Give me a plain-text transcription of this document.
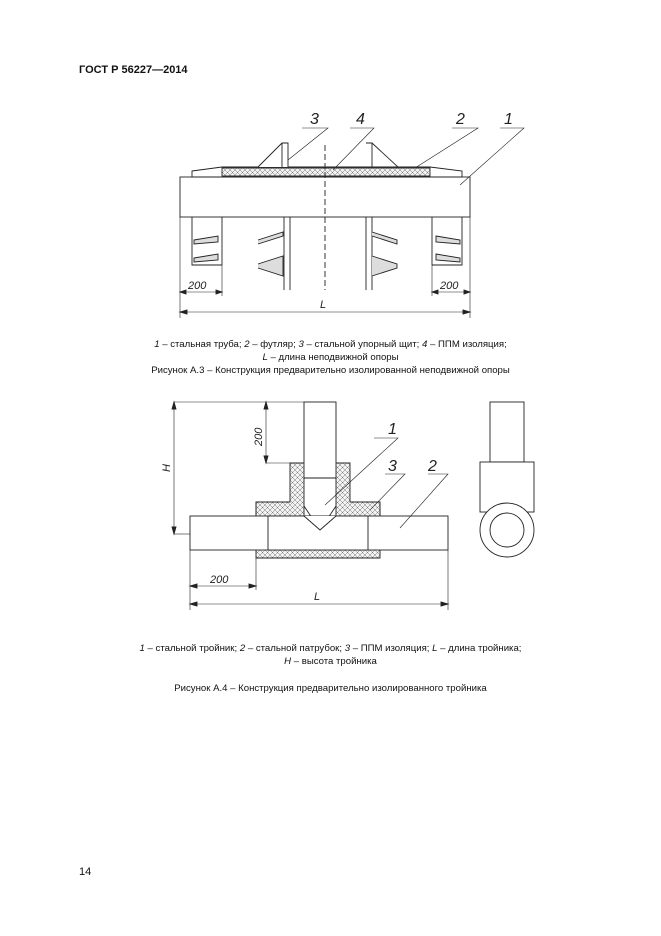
ГОСТ Р 56227—2014
3 4	2 1
200	200
L
1
3 2
200
H
200
L
1 – стальная труба; 2 – футляр; 3 – стальной упорный щит; 4 – ППМ изоляция;
L – длина неподвижной опоры
Рисунок А.3 – Конструкция предварительно изолированной неподвижной опоры
1 – стальной тройник; 2 – стальной патрубок; 3 – ППМ изоляция; L – длина тройника;
H – высота тройника
Рисунок А.4 – Конструкция предварительно изолированного тройника
14
